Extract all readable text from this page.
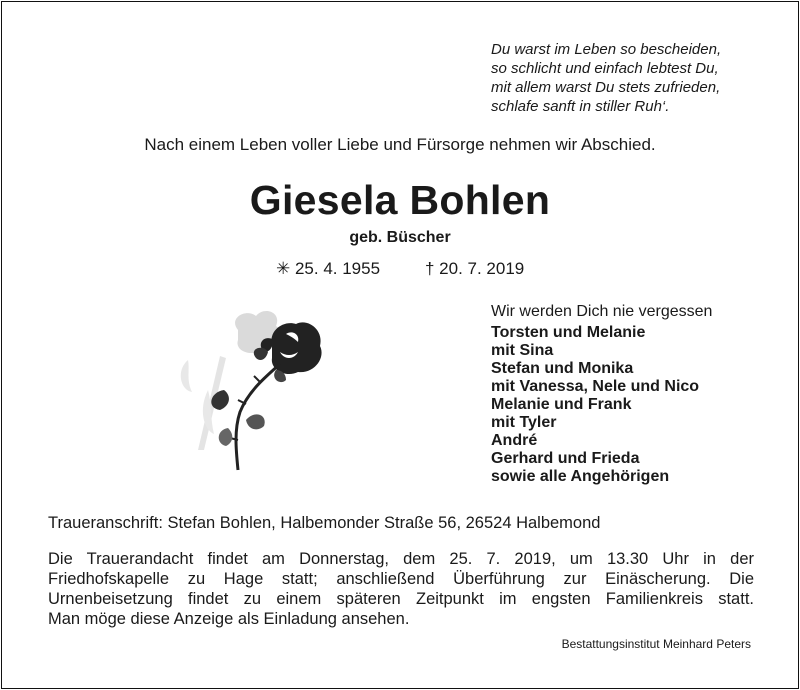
Du warst im Leben so bescheiden,
so schlicht und einfach lebtest Du,
mit allem warst Du stets zufrieden,
schlafe sanft in stiller Ruh‘.
Nach einem Leben voller Liebe und Fürsorge nehmen wir Abschied.
Giesela Bohlen
geb. Büscher
✳ 25. 4. 1955	† 20. 7. 2019
Wir werden Dich nie vergessen
Torsten und Melanie
mit Sina
Stefan und Monika
mit Vanessa, Nele und Nico
Melanie und Frank
mit Tyler
André
Gerhard und Frieda
sowie alle Angehörigen
Traueranschrift: Stefan Bohlen, Halbemonder Straße 56, 26524 Halbemond
Die Trauerandacht findet am Donnerstag, dem 25. 7. 2019, um 13.30 Uhr in der
Friedhofskapelle zu Hage statt; anschließend Überführung zur Einäscherung. Die
Urnenbeisetzung findet zu einem späteren Zeitpunkt im engsten Familienkreis statt.
Man möge diese Anzeige als Einladung ansehen.
Bestattungsinstitut Meinhard Peters
